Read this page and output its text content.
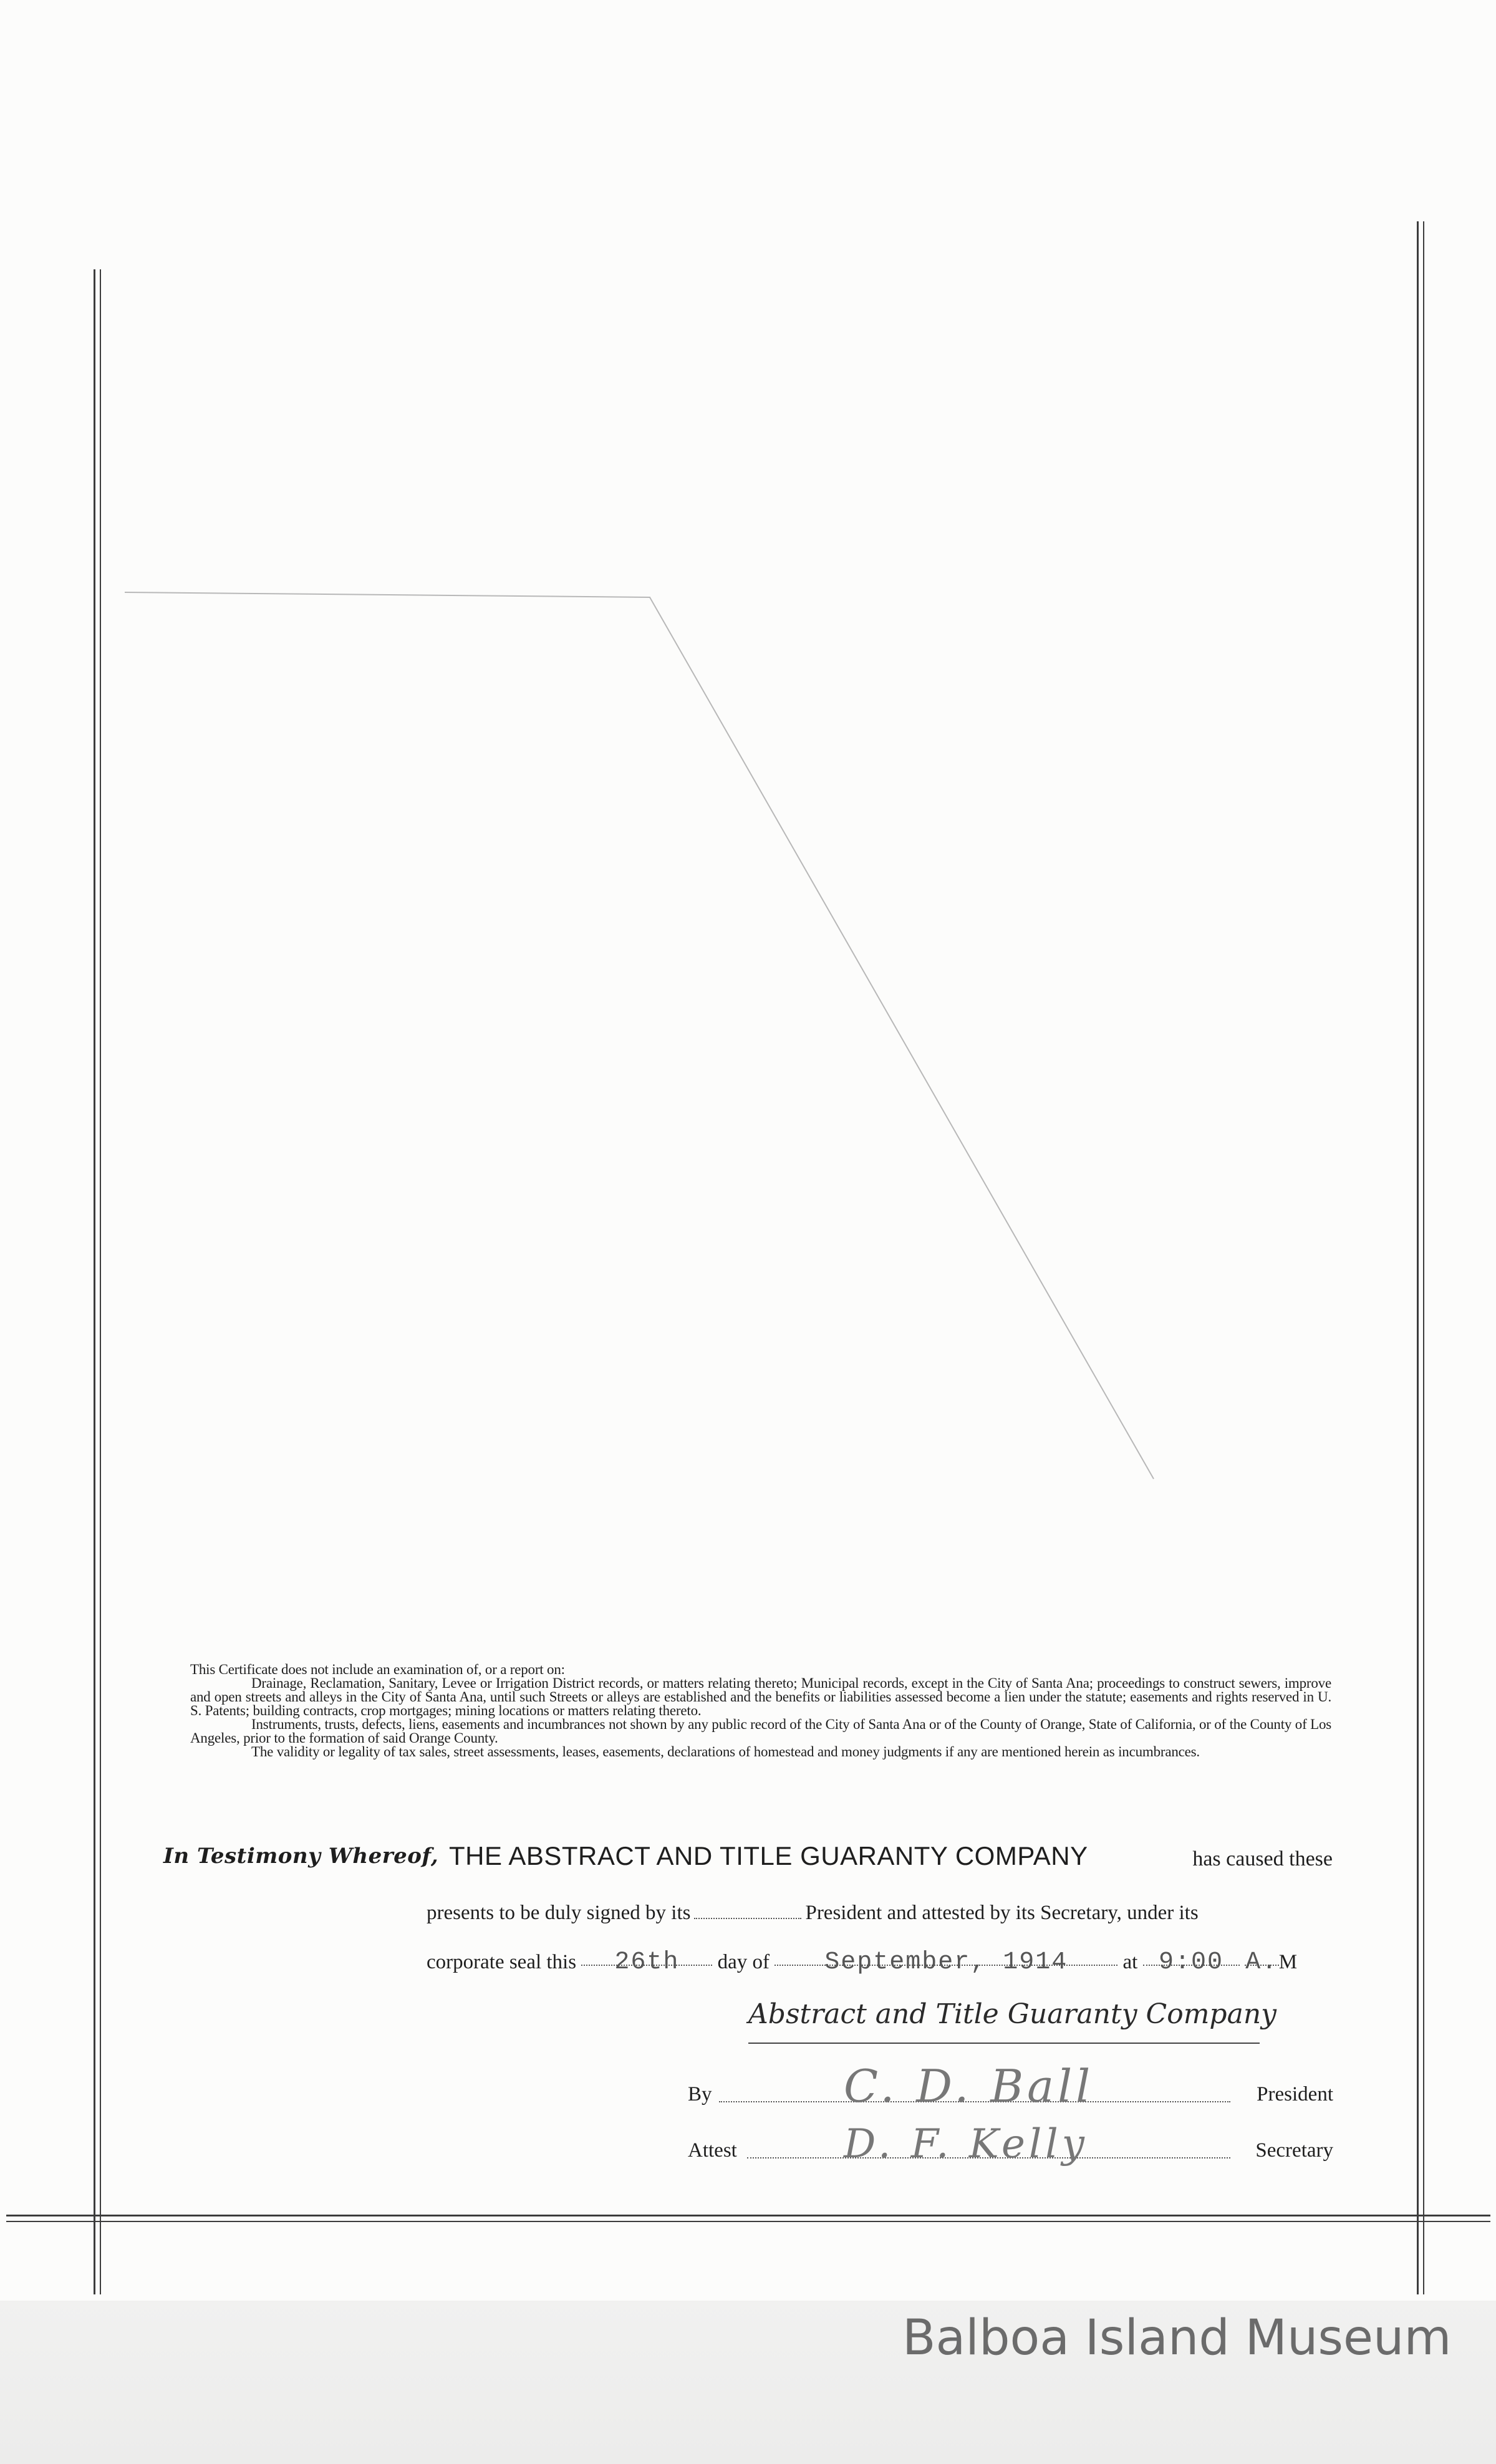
This Certificate does not include an examination of, or a report on:

Drainage, Reclamation, Sanitary, Levee or Irrigation District records, or matters relating thereto; Municipal records, except in the City of Santa Ana; proceedings to construct sewers, improve and open streets and alleys in the City of Santa Ana, until such Streets or alleys are established and the benefits or liabilities assessed become a lien under the statute; easements and rights reserved in U. S. Patents; building contracts, crop mortgages; mining locations or matters relating thereto.

Instruments, trusts, defects, liens, easements and incumbrances not shown by any public record of the City of Santa Ana or of the County of Orange, State of California, or of the County of Los Angeles, prior to the formation of said Orange County.

The validity or legality of tax sales, street assessments, leases, easements, declarations of homestead and money judgments if any are mentioned herein as incumbrances.

In Testimony Whereof, THE ABSTRACT AND TITLE GUARANTY COMPANY	has caused these
presents to be duly signed by its	President and attested by its Secretary, under its
corporate seal this 26th day of September, 1914	at 9:00 A.M
Abstract and Title Guaranty Company
By	C. D. Ball	President
Attest	D. F. Kelly	Secretary
Balboa Island Museum
